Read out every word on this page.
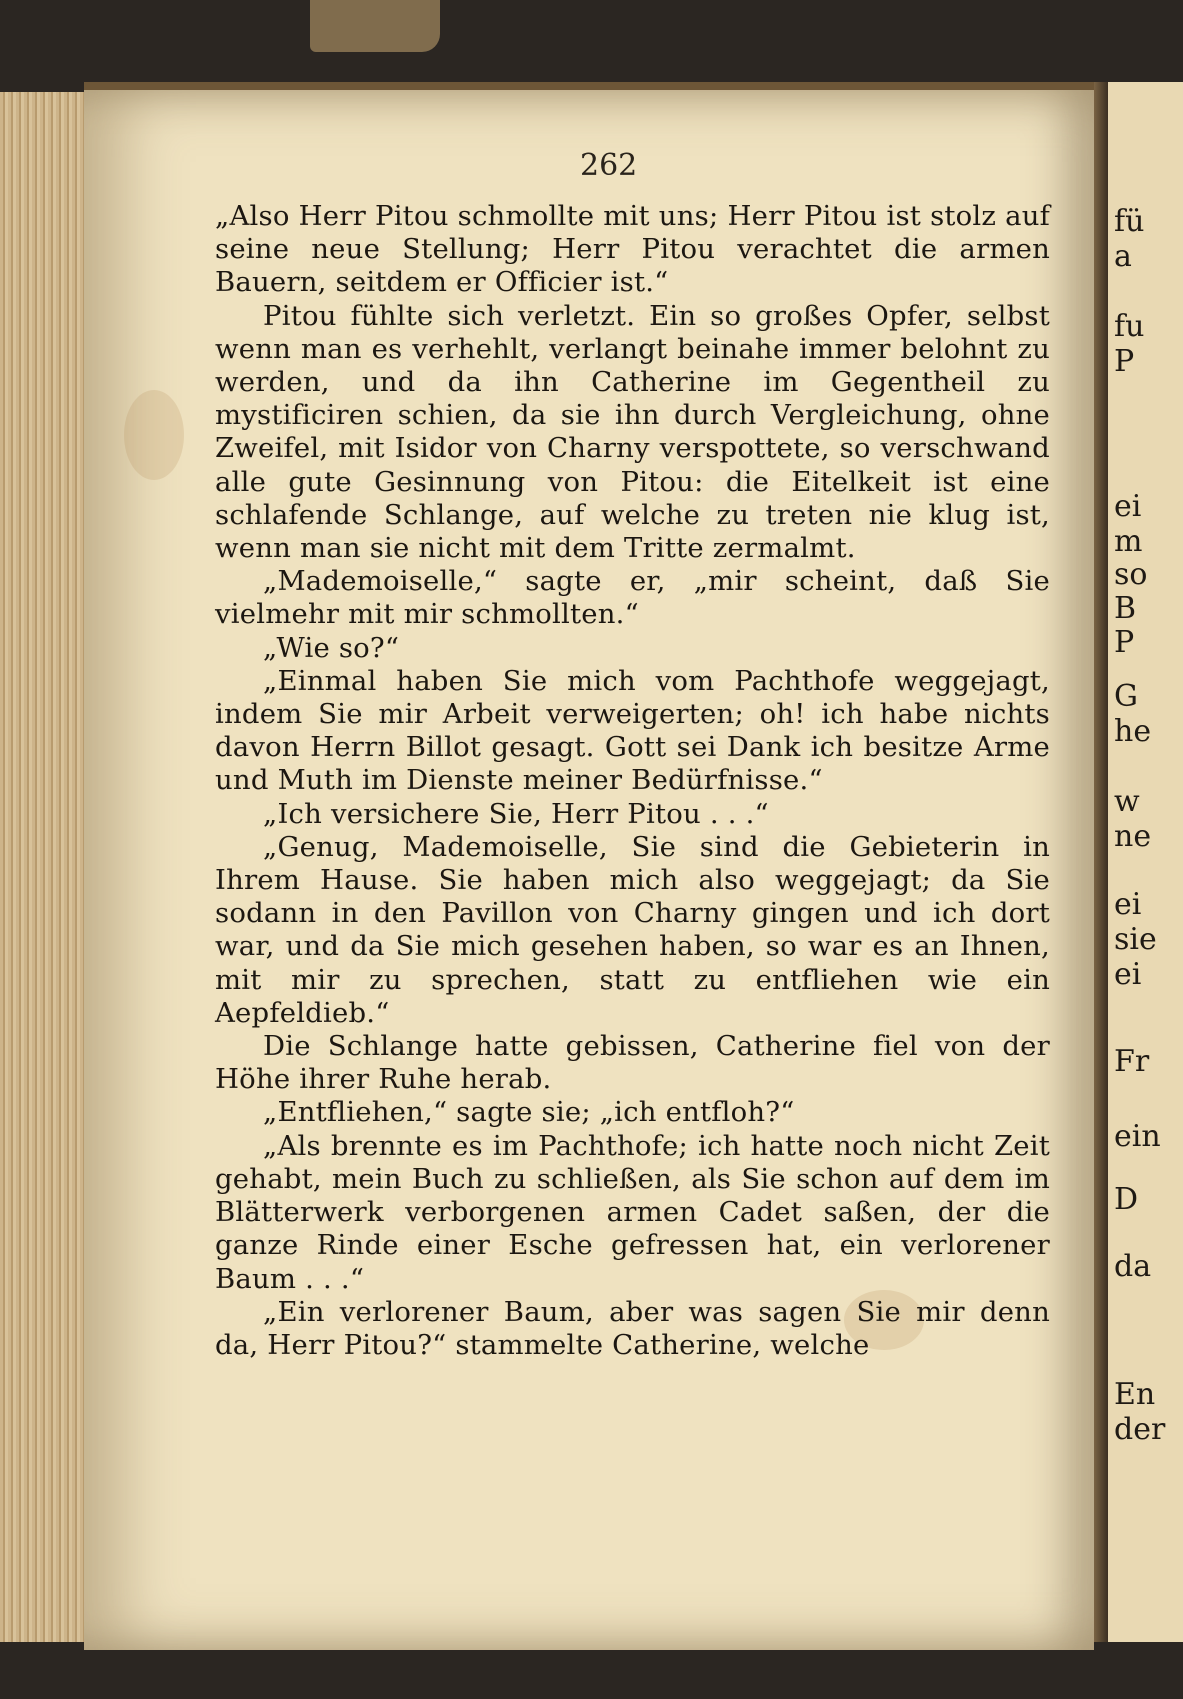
262

„Also Herr Pitou schmollte mit uns; Herr Pitou ist stolz auf seine neue Stellung; Herr Pitou verachtet die armen Bauern, seitdem er Officier ist.“

Pitou fühlte sich verletzt. Ein so großes Opfer, selbst wenn man es verhehlt, verlangt beinahe immer belohnt zu werden, und da ihn Catherine im Gegentheil zu mystificiren schien, da sie ihn durch Vergleichung, ohne Zweifel, mit Isidor von Charny verspottete, so verschwand alle gute Gesinnung von Pitou: die Eitelkeit ist eine schlafende Schlange, auf welche zu treten nie klug ist, wenn man sie nicht mit dem Tritte zermalmt.

„Mademoiselle,“ sagte er, „mir scheint, daß Sie vielmehr mit mir schmollten.“

„Wie so?“

„Einmal haben Sie mich vom Pachthofe weggejagt, indem Sie mir Arbeit verweigerten; oh! ich habe nichts davon Herrn Billot gesagt. Gott sei Dank ich besitze Arme und Muth im Dienste meiner Bedürfnisse.“

„Ich versichere Sie, Herr Pitou . . .“

„Genug, Mademoiselle, Sie sind die Gebieterin in Ihrem Hause. Sie haben mich also weggejagt; da Sie sodann in den Pavillon von Charny gingen und ich dort war, und da Sie mich gesehen haben, so war es an Ihnen, mit mir zu sprechen, statt zu entfliehen wie ein Aepfeldieb.“

Die Schlange hatte gebissen, Catherine fiel von der Höhe ihrer Ruhe herab.

„Entfliehen,“ sagte sie; „ich entfloh?“

„Als brennte es im Pachthofe; ich hatte noch nicht Zeit gehabt, mein Buch zu schließen, als Sie schon auf dem im Blätterwerk verborgenen armen Cadet saßen, der die ganze Rinde einer Esche gefressen hat, ein verlorener Baum . . .“

„Ein verlorener Baum, aber was sagen Sie mir denn da, Herr Pitou?“ stammelte Catherine, welche

fü
a
fu
P
ei
m
so
B
P
G
he
w
ne
ei
sie
ei
Fr
ein
D
da
En
der
